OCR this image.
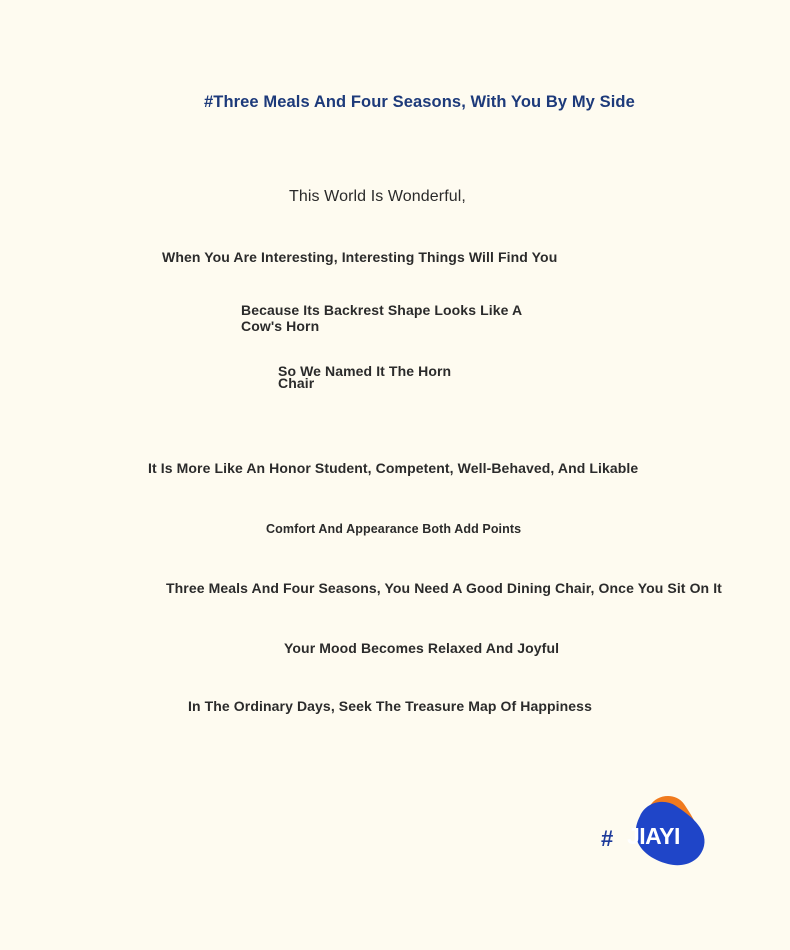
#Three Meals And Four Seasons, With You By My Side
This World Is Wonderful,
When You Are Interesting, Interesting Things Will Find You
Because Its Backrest Shape Looks Like A Cow's Horn
So We Named It The Horn Chair
It Is More Like An Honor Student, Competent, Well-Behaved, And Likable
Comfort And Appearance Both Add Points
Three Meals And Four Seasons, You Need A Good Dining Chair, Once You Sit On It
Your Mood Becomes Relaxed And Joyful
In The Ordinary Days, Seek The Treasure Map Of Happiness
# JIAYI
